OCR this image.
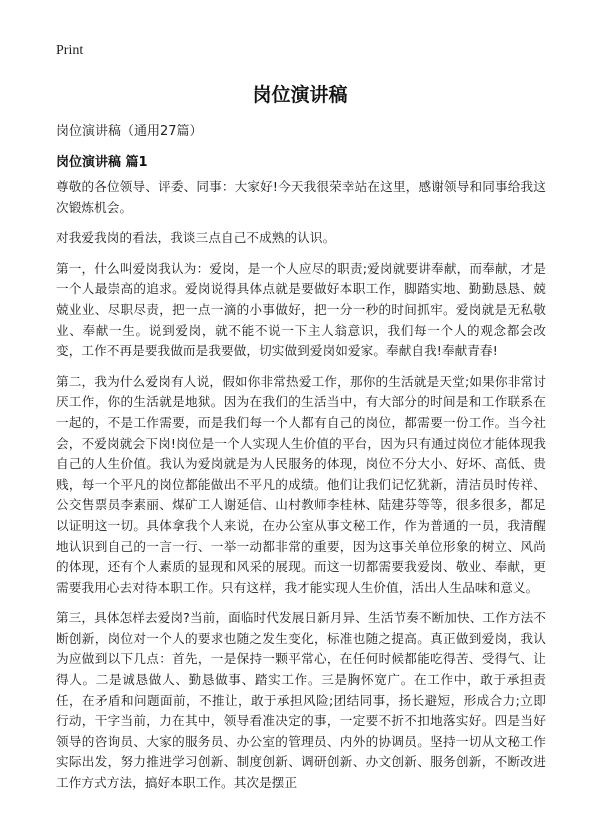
Print
岗位演讲稿
岗位演讲稿（通用27篇）
岗位演讲稿 篇1

尊敬的各位领导、评委、同事：大家好!今天我很荣幸站在这里，感谢领导和同事给我这次锻炼机会。

对我爱我岗的看法，我谈三点自己不成熟的认识。

第一，什么叫爱岗我认为：爱岗，是一个人应尽的职责;爱岗就要讲奉献，而奉献，才是一个人最崇高的追求。爱岗说得具体点就是要做好本职工作，脚踏实地、勤勤恳恳、兢兢业业、尽职尽责，把一点一滴的小事做好，把一分一秒的时间抓牢。爱岗就是无私敬业、奉献一生。说到爱岗，就不能不说一下主人翁意识，我们每一个人的观念都会改变，工作不再是要我做而是我要做，切实做到爱岗如爱家。奉献自我!奉献青春!

第二，我为什么爱岗有人说，假如你非常热爱工作，那你的生活就是天堂;如果你非常讨厌工作，你的生活就是地狱。因为在我们的生活当中，有大部分的时间是和工作联系在一起的，不是工作需要，而是我们每一个人都有自己的岗位，都需要一份工作。当今社会，不爱岗就会下岗!岗位是一个人实现人生价值的平台，因为只有通过岗位才能体现我自己的人生价值。我认为爱岗就是为人民服务的体现，岗位不分大小、好坏、高低、贵贱，每一个平凡的岗位都能做出不平凡的成绩。他们让我们记忆犹新，清洁员时传祥、公交售票员李素丽、煤矿工人谢延信、山村教师李桂林、陆建芬等等，很多很多，都足以证明这一切。具体拿我个人来说，在办公室从事文秘工作，作为普通的一员，我清醒地认识到自己的一言一行、一举一动都非常的重要，因为这事关单位形象的树立、风尚的体现，还有个人素质的显现和风采的展现。而这一切都需要我爱岗、敬业、奉献，更需要我用心去对待本职工作。只有这样，我才能实现人生价值，活出人生品味和意义。

第三，具体怎样去爱岗?当前，面临时代发展日新月异、生活节奏不断加快、工作方法不断创新，岗位对一个人的要求也随之发生变化，标准也随之提高。真正做到爱岗，我认为应做到以下几点：首先，一是保持一颗平常心，在任何时候都能吃得苦、受得气、让得人。二是诚恳做人、勤恳做事、踏实工作。三是胸怀宽广。在工作中，敢于承担责任，在矛盾和问题面前，不推让，敢于承担风险;团结同事，扬长避短，形成合力;立即行动，干字当前，力在其中，领导看准决定的事，一定要不折不扣地落实好。四是当好领导的咨询员、大家的服务员、办公室的管理员、内外的协调员。坚持一切从文秘工作实际出发，努力推进学习创新、制度创新、调研创新、办文创新、服务创新，不断改进工作方式方法，搞好本职工作。其次是摆正
